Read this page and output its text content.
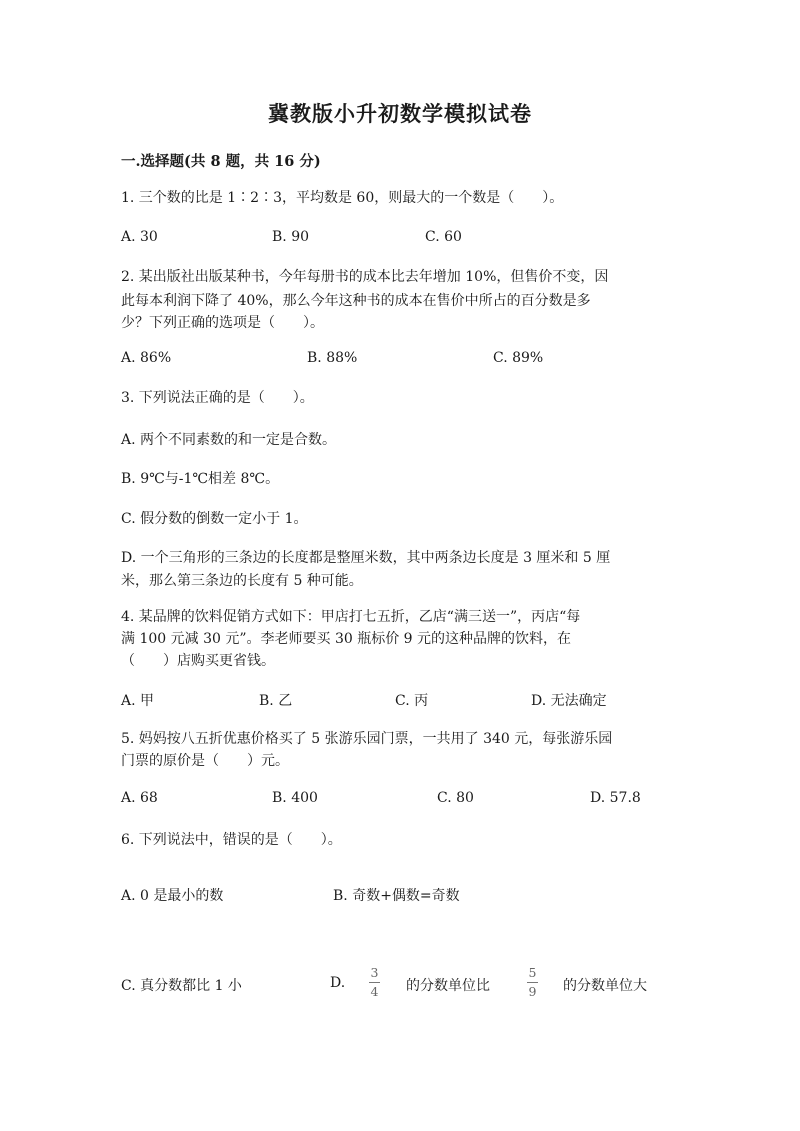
冀教版小升初数学模拟试卷
一.选择题(共 8 题，共 16 分)
1. 三个数的比是 1∶2∶3，平均数是 60，则最大的一个数是（　　）。
A. 30	B. 90	C. 60
2. 某出版社出版某种书，今年每册书的成本比去年增加 10%，但售价不变，因
此每本利润下降了 40%，那么今年这种书的成本在售价中所占的百分数是多
少？下列正确的选项是（　　）。
A. 86%	B. 88%	C. 89%
3. 下列说法正确的是（　　）。
A. 两个不同素数的和一定是合数。
B. 9℃与-1℃相差 8℃。
C. 假分数的倒数一定小于 1。
D. 一个三角形的三条边的长度都是整厘米数，其中两条边长度是 3 厘米和 5 厘
米，那么第三条边的长度有 5 种可能。
4. 某品牌的饮料促销方式如下：甲店打七五折，乙店“满三送一”，丙店“每
满 100 元减 30 元”。李老师要买 30 瓶标价 9 元的这种品牌的饮料，在
（　　）店购买更省钱。
A. 甲	B. 乙	C. 丙	D. 无法确定
5. 妈妈按八五折优惠价格买了 5 张游乐园门票，一共用了 340 元，每张游乐园
门票的原价是（　　）元。
A. 68	B. 400	C. 80	D. 57.8
6. 下列说法中，错误的是（　　）。
A. 0 是最小的数	B. 奇数+偶数=奇数
C. 真分数都比 1 小	D.
3
4 的分数单位比
5
9 的分数单位大
